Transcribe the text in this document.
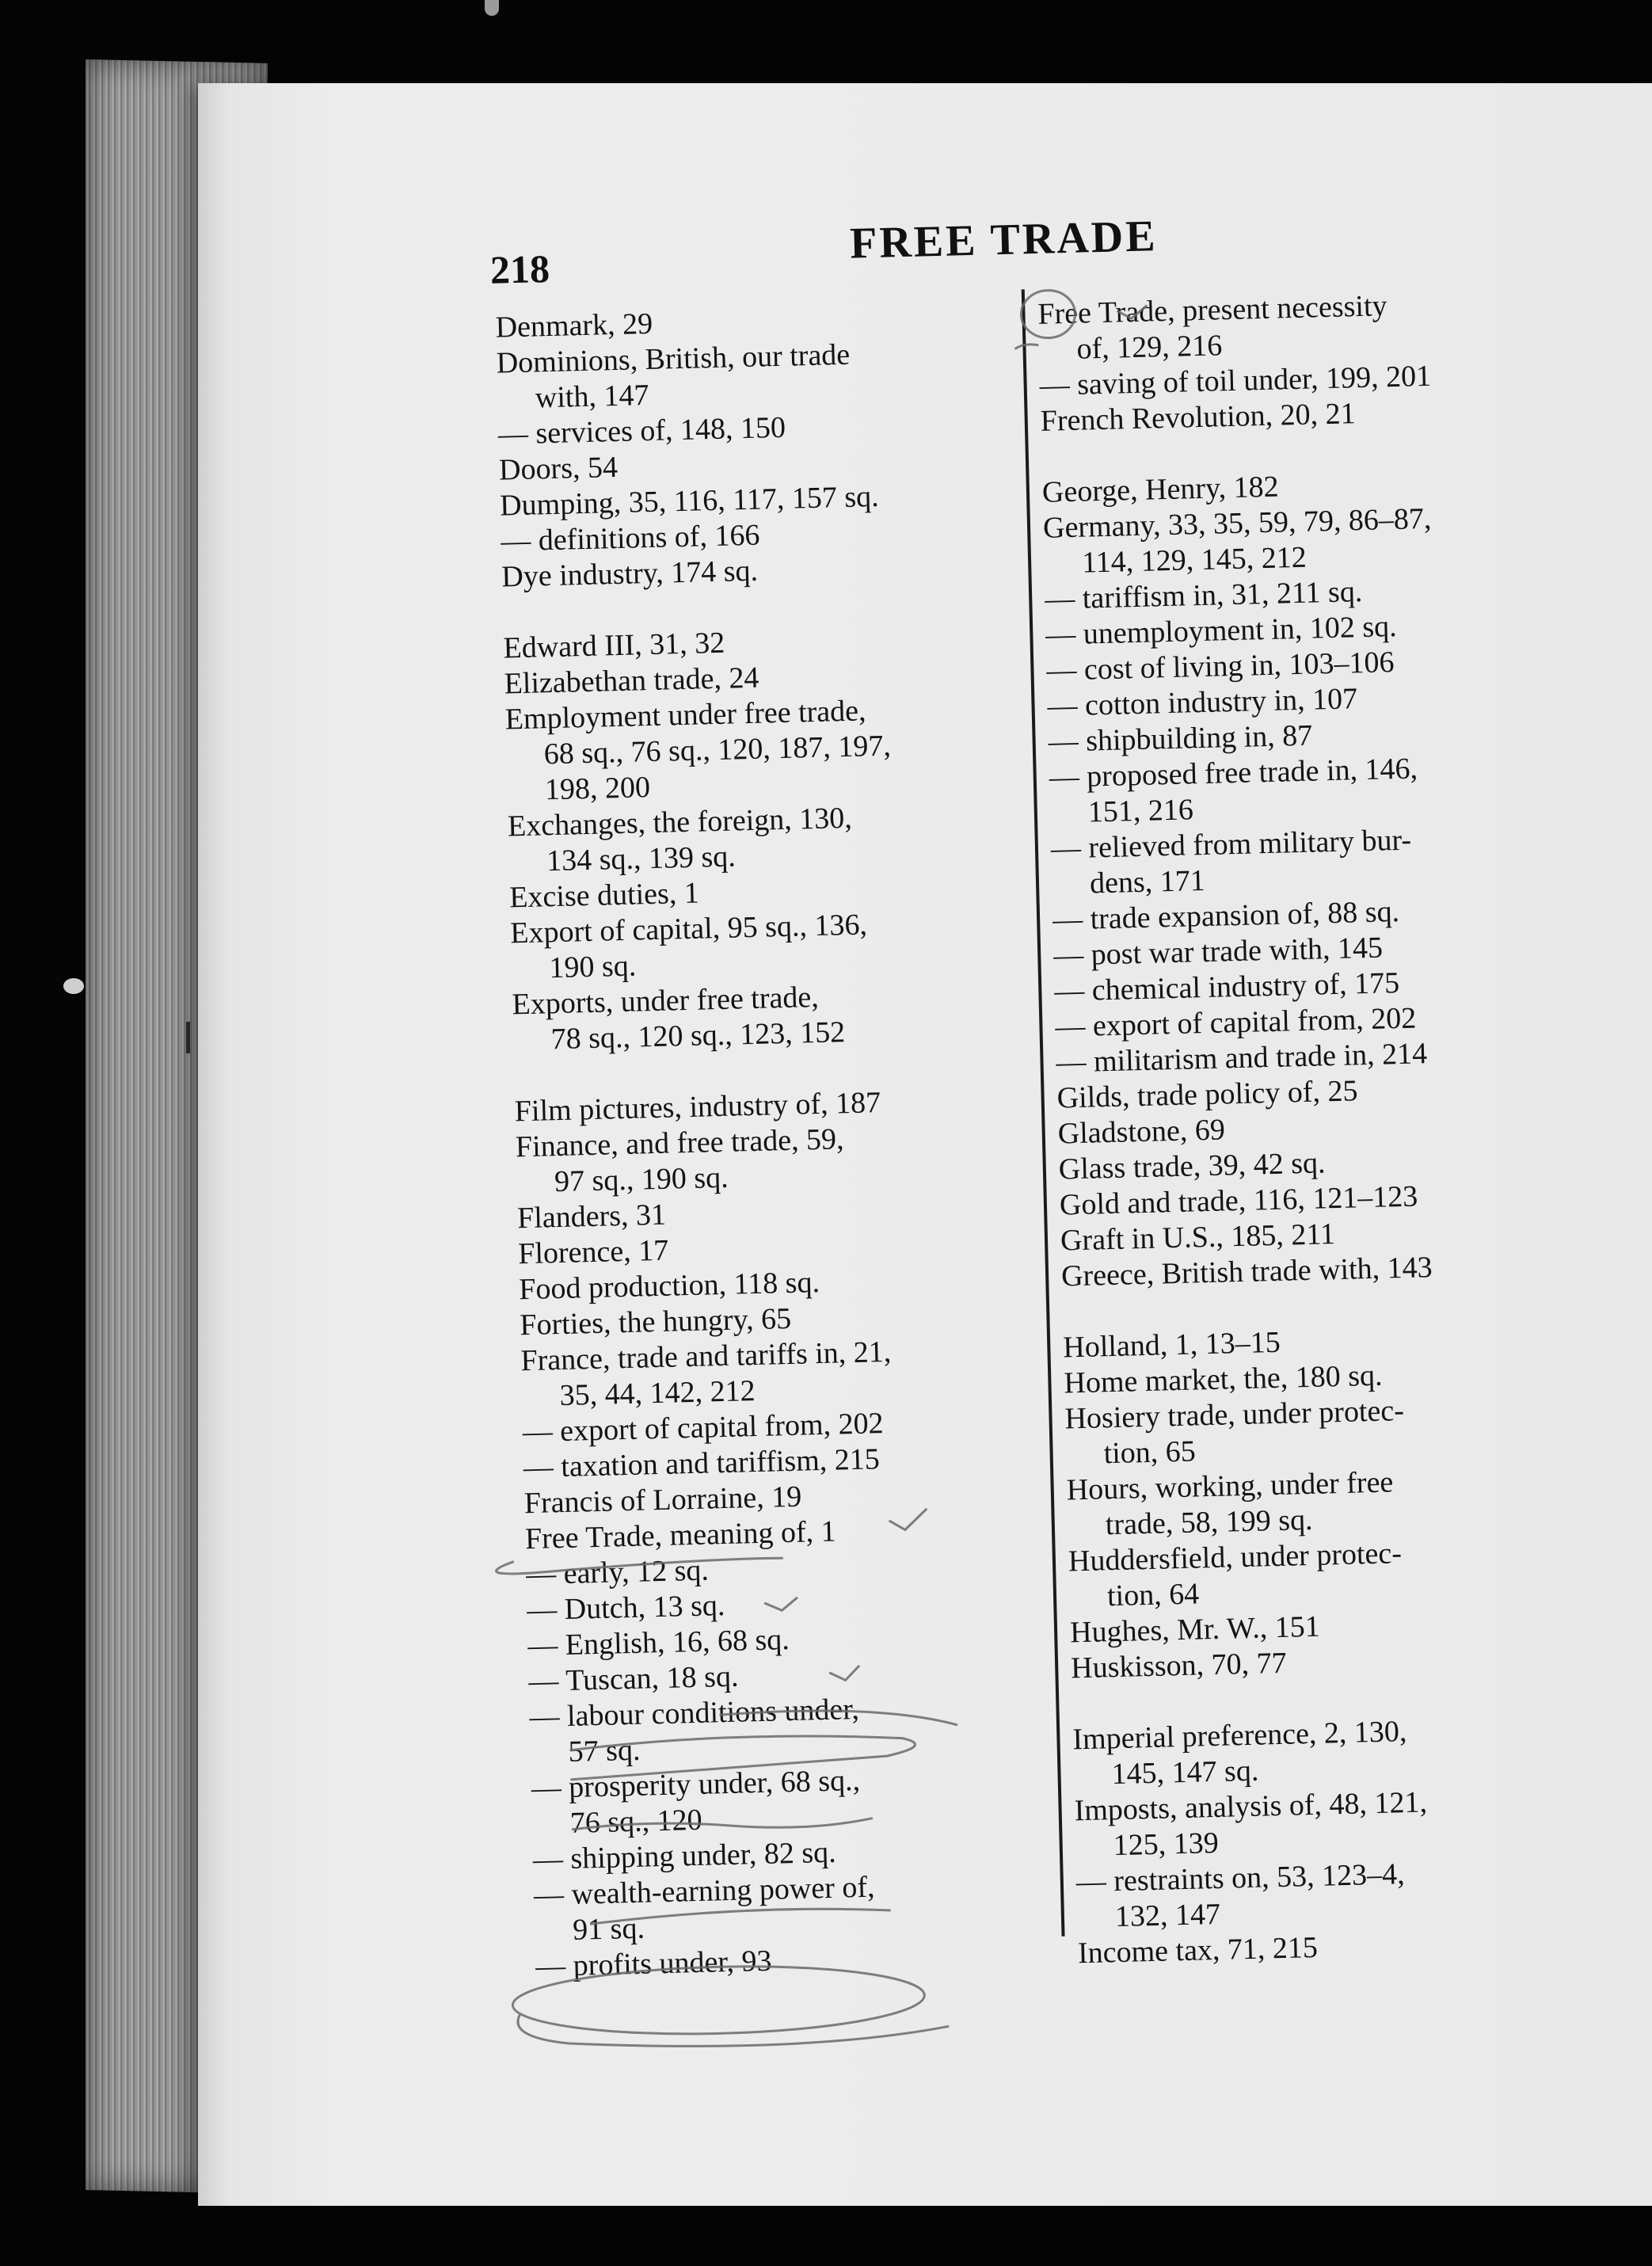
218
FREE TRADE

Denmark, 29

Dominions, British, our trade
with, 147

— services of, 148, 150

Doors, 54

Dumping, 35, 116, 117, 157 sq.

— definitions of, 166

Dye industry, 174 sq.

Edward III, 31, 32

Elizabethan trade, 24

Employment under free trade,
68 sq., 76 sq., 120, 187, 197,

198, 200

Exchanges, the foreign, 130,
134 sq., 139 sq.

Excise duties, 1

Export of capital, 95 sq., 136,
190 sq.

Exports, under free trade,
78 sq., 120 sq., 123, 152

Film pictures, industry of, 187

Finance, and free trade, 59,
97 sq., 190 sq.

Flanders, 31

Florence, 17

Food production, 118 sq.

Forties, the hungry, 65

France, trade and tariffs in, 21,
35, 44, 142, 212

— export of capital from, 202

— taxation and tariffism, 215

Francis of Lorraine, 19

Free Trade, meaning of, 1

— early, 12 sq.

— Dutch, 13 sq.

— English, 16, 68 sq.

— Tuscan, 18 sq.

— labour conditions under,
57 sq.

— prosperity under, 68 sq.,
76 sq., 120

— shipping under, 82 sq.

— wealth-earning power of,
91 sq.

— profits under, 93

Free Trade, present necessity
of, 129, 216

— saving of toil under, 199, 201

French Revolution, 20, 21

George, Henry, 182

Germany, 33, 35, 59, 79, 86–87,
114, 129, 145, 212

— tariffism in, 31, 211 sq.

— unemployment in, 102 sq.

— cost of living in, 103–106

— cotton industry in, 107

— shipbuilding in, 87

— proposed free trade in, 146,
151, 216

— relieved from military bur-
dens, 171

— trade expansion of, 88 sq.

— post war trade with, 145

— chemical industry of, 175

— export of capital from, 202

— militarism and trade in, 214

Gilds, trade policy of, 25

Gladstone, 69

Glass trade, 39, 42 sq.

Gold and trade, 116, 121–123

Graft in U.S., 185, 211

Greece, British trade with, 143

Holland, 1, 13–15

Home market, the, 180 sq.

Hosiery trade, under protec-
tion, 65

Hours, working, under free
trade, 58, 199 sq.

Huddersfield, under protec-
tion, 64

Hughes, Mr. W., 151

Huskisson, 70, 77

Imperial preference, 2, 130,
145, 147 sq.

Imposts, analysis of, 48, 121,
125, 139

— restraints on, 53, 123–4,
132, 147

Income tax, 71, 215
